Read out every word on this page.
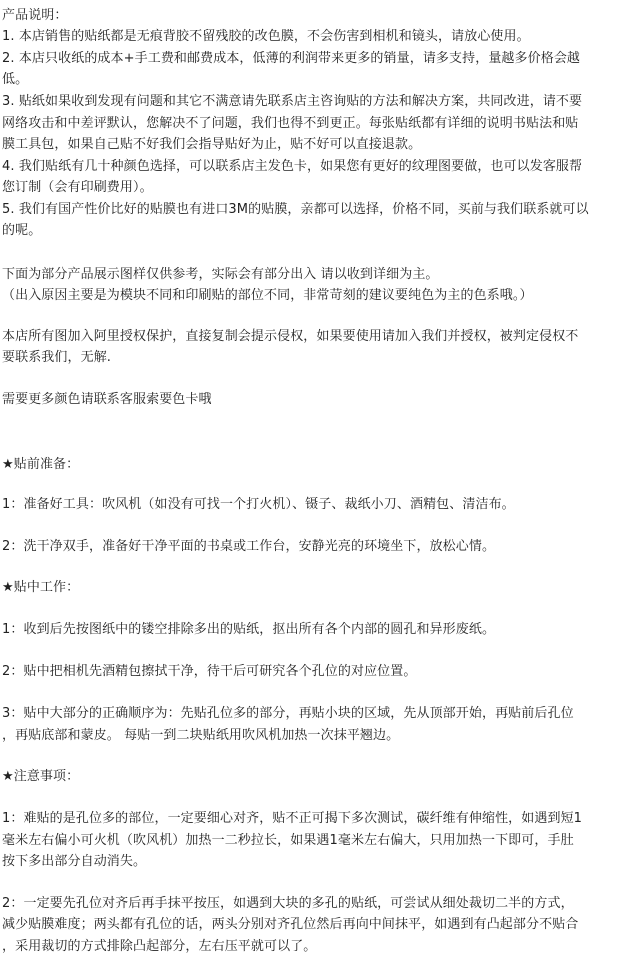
产品说明：
1. 本店销售的贴纸都是无痕背胶不留残胶的改色膜，不会伤害到相机和镜头，请放心使用。
2. 本店只收纸的成本+手工费和邮费成本，低薄的利润带来更多的销量，请多支持，量越多价格会越
低。
3. 贴纸如果收到发现有问题和其它不满意请先联系店主咨询贴的方法和解决方案，共同改进，请不要
网络攻击和中差评默认，您解决不了问题，我们也得不到更正。每张贴纸都有详细的说明书贴法和贴
膜工具包，如果自己贴不好我们会指导贴好为止，贴不好可以直接退款。
4. 我们贴纸有几十种颜色选择，可以联系店主发色卡，如果您有更好的纹理图要做，也可以发客服帮
您订制（会有印刷费用）。
5. 我们有国产性价比好的贴膜也有进口3M的贴膜，亲都可以选择，价格不同，买前与我们联系就可以
的呢。
下面为部分产品展示图样仅供参考，实际会有部分出入 请以收到详细为主。
（出入原因主要是为模块不同和印刷贴的部位不同，非常苛刻的建议要纯色为主的色系哦。）
本店所有图加入阿里授权保护，直接复制会提示侵权，如果要使用请加入我们并授权，被判定侵权不
要联系我们，无解.
需要更多颜色请联系客服索要色卡哦
★贴前准备：
1：准备好工具：吹风机（如没有可找一个打火机）、镊子、裁纸小刀、酒精包、清洁布。
2：洗干净双手，准备好干净平面的书桌或工作台，安静光亮的环境坐下，放松心情。
★贴中工作：
1：收到后先按图纸中的镂空排除多出的贴纸，抠出所有各个内部的圆孔和异形废纸。
2：贴中把相机先酒精包擦拭干净，待干后可研究各个孔位的对应位置。
3：贴中大部分的正确顺序为：先贴孔位多的部分，再贴小块的区域，先从顶部开始，再贴前后孔位
，再贴底部和蒙皮。 每贴一到二块贴纸用吹风机加热一次抹平翘边。
★注意事项：
1：难贴的是孔位多的部位，一定要细心对齐，贴不正可揭下多次测试，碳纤维有伸缩性，如遇到短1
毫米左右偏小可火机（吹风机）加热一二秒拉长，如果遇1毫米左右偏大，只用加热一下即可，手肚
按下多出部分自动消失。
2：一定要先孔位对齐后再手抹平按压，如遇到大块的多孔的贴纸，可尝试从细处裁切二半的方式，
减少贴膜难度；两头都有孔位的话，两头分别对齐孔位然后再向中间抹平，如遇到有凸起部分不贴合
，采用裁切的方式排除凸起部分，左右压平就可以了。
